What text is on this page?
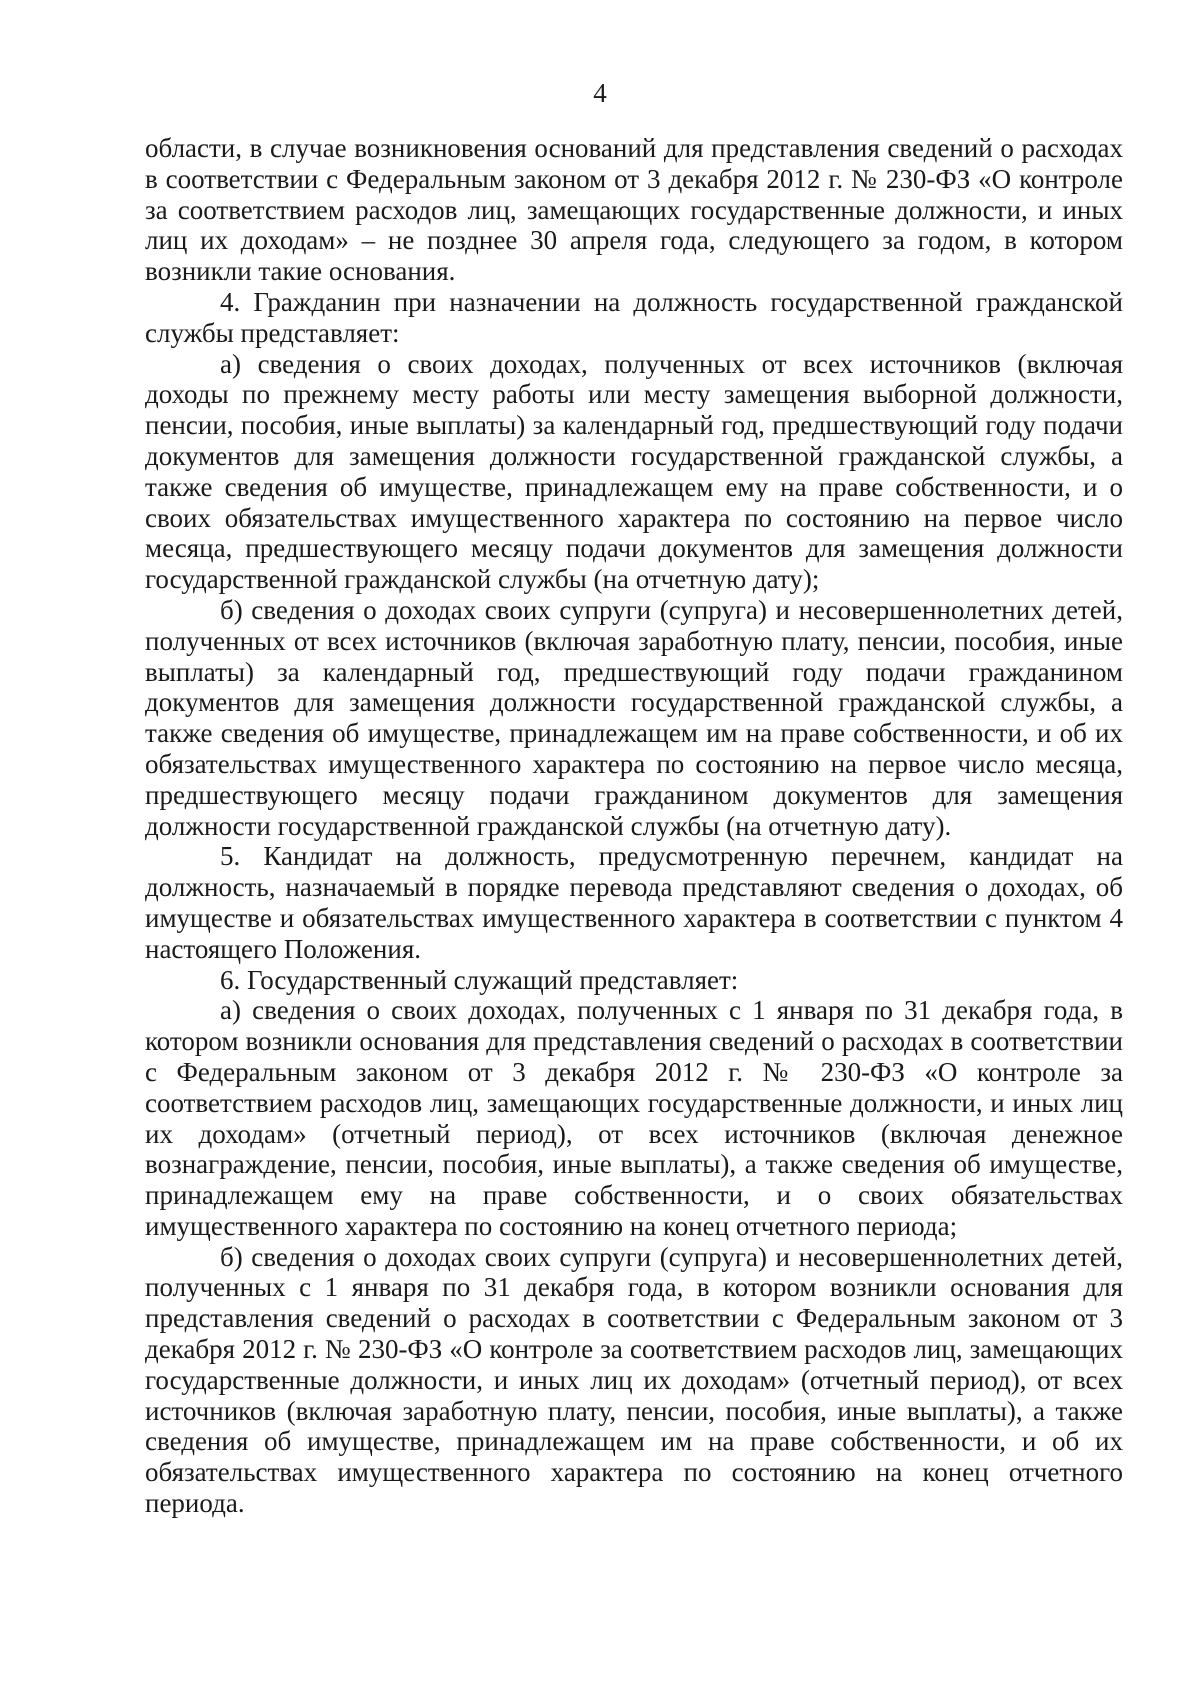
4

области, в случае возникновения оснований для представления сведений о расходах в соответствии с Федеральным законом от 3 декабря 2012 г. № 230-ФЗ «О контроле за соответствием расходов лиц, замещающих государственные должности, и иных лиц их доходам» – не позднее 30 апреля года, следующего за годом, в котором возникли такие основания.

4. Гражданин при назначении на должность государственной гражданской службы представляет:

а) сведения о своих доходах, полученных от всех источников (включая доходы по прежнему месту работы или месту замещения выборной должности, пенсии, пособия, иные выплаты) за календарный год, предшествующий году подачи документов для замещения должности государственной гражданской службы, а также сведения об имуществе, принадлежащем ему на праве собственности, и о своих обязательствах имущественного характера по состоянию на первое число месяца, предшествующего месяцу подачи документов для замещения должности государственной гражданской службы (на отчетную дату);

б) сведения о доходах своих супруги (супруга) и несовершеннолетних детей, полученных от всех источников (включая заработную плату, пенсии, пособия, иные выплаты) за календарный год, предшествующий году подачи гражданином документов для замещения должности государственной гражданской службы, а также сведения об имуществе, принадлежащем им на праве собственности, и об их обязательствах имущественного характера по состоянию на первое число месяца, предшествующего месяцу подачи гражданином документов для замещения должности государственной гражданской службы (на отчетную дату).

5. Кандидат на должность, предусмотренную перечнем, кандидат на должность, назначаемый в порядке перевода представляют сведения о доходах, об имуществе и обязательствах имущественного характера в соответствии с пунктом 4 настоящего Положения.

6. Государственный служащий представляет:

а) сведения о своих доходах, полученных с 1 января по 31 декабря года, в котором возникли основания для представления сведений о расходах в соответствии с Федеральным законом от 3 декабря 2012 г. № 230-ФЗ «О контроле за соответствием расходов лиц, замещающих государственные должности, и иных лиц их доходам» (отчетный период), от всех источников (включая денежное вознаграждение, пенсии, пособия, иные выплаты), а также сведения об имуществе, принадлежащем ему на праве собственности, и о своих обязательствах имущественного характера по состоянию на конец отчетного периода;

б) сведения о доходах своих супруги (супруга) и несовершеннолетних детей, полученных с 1 января по 31 декабря года, в котором возникли основания для представления сведений о расходах в соответствии с Федеральным законом от 3 декабря 2012 г. № 230-ФЗ «О контроле за соответствием расходов лиц, замещающих государственные должности, и иных лиц их доходам» (отчетный период), от всех источников (включая заработную плату, пенсии, пособия, иные выплаты), а также сведения об имуществе, принадлежащем им на праве собственности, и об их обязательствах имущественного характера по состоянию на конец отчетного периода.
